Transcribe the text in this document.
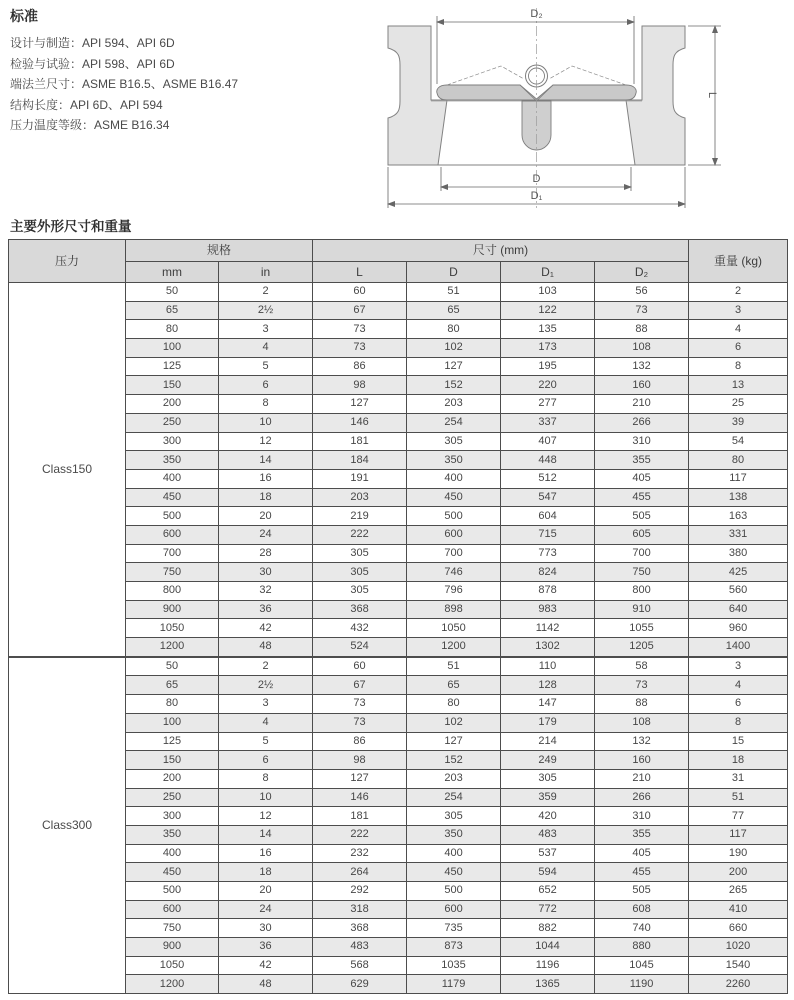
标准
设计与制造：API 594、API 6D
检验与试验：API 598、API 6D
端法兰尺寸：ASME B16.5、ASME B16.47
结构长度：API 6D、API 594
压力温度等级：ASME B16.34
D₂
L
D
D₁
主要外形尺寸和重量
压力	规格		尺寸 (mm)				重量 (kg)
	mm	in	L	D	D₁	D₂	
Class150	50	2	60	51	103	56	2
	65	2½	67	65	122	73	3
	80	3	73	80	135	88	4
	100	4	73	102	173	108	6
	125	5	86	127	195	132	8
	150	6	98	152	220	160	13
	200	8	127	203	277	210	25
	250	10	146	254	337	266	39
	300	12	181	305	407	310	54
	350	14	184	350	448	355	80
	400	16	191	400	512	405	117
	450	18	203	450	547	455	138
	500	20	219	500	604	505	163
	600	24	222	600	715	605	331
	700	28	305	700	773	700	380
	750	30	305	746	824	750	425
	800	32	305	796	878	800	560
	900	36	368	898	983	910	640
	1050	42	432	1050	1142	1055	960
	1200	48	524	1200	1302	1205	1400
Class300	50	2	60	51	110	58	3
	65	2½	67	65	128	73	4
	80	3	73	80	147	88	6
	100	4	73	102	179	108	8
	125	5	86	127	214	132	15
	150	6	98	152	249	160	18
	200	8	127	203	305	210	31
	250	10	146	254	359	266	51
	300	12	181	305	420	310	77
	350	14	222	350	483	355	117
	400	16	232	400	537	405	190
	450	18	264	450	594	455	200
	500	20	292	500	652	505	265
	600	24	318	600	772	608	410
	750	30	368	735	882	740	660
	900	36	483	873	1044	880	1020
	1050	42	568	1035	1196	1045	1540
	1200	48	629	1179	1365	1190	2260
